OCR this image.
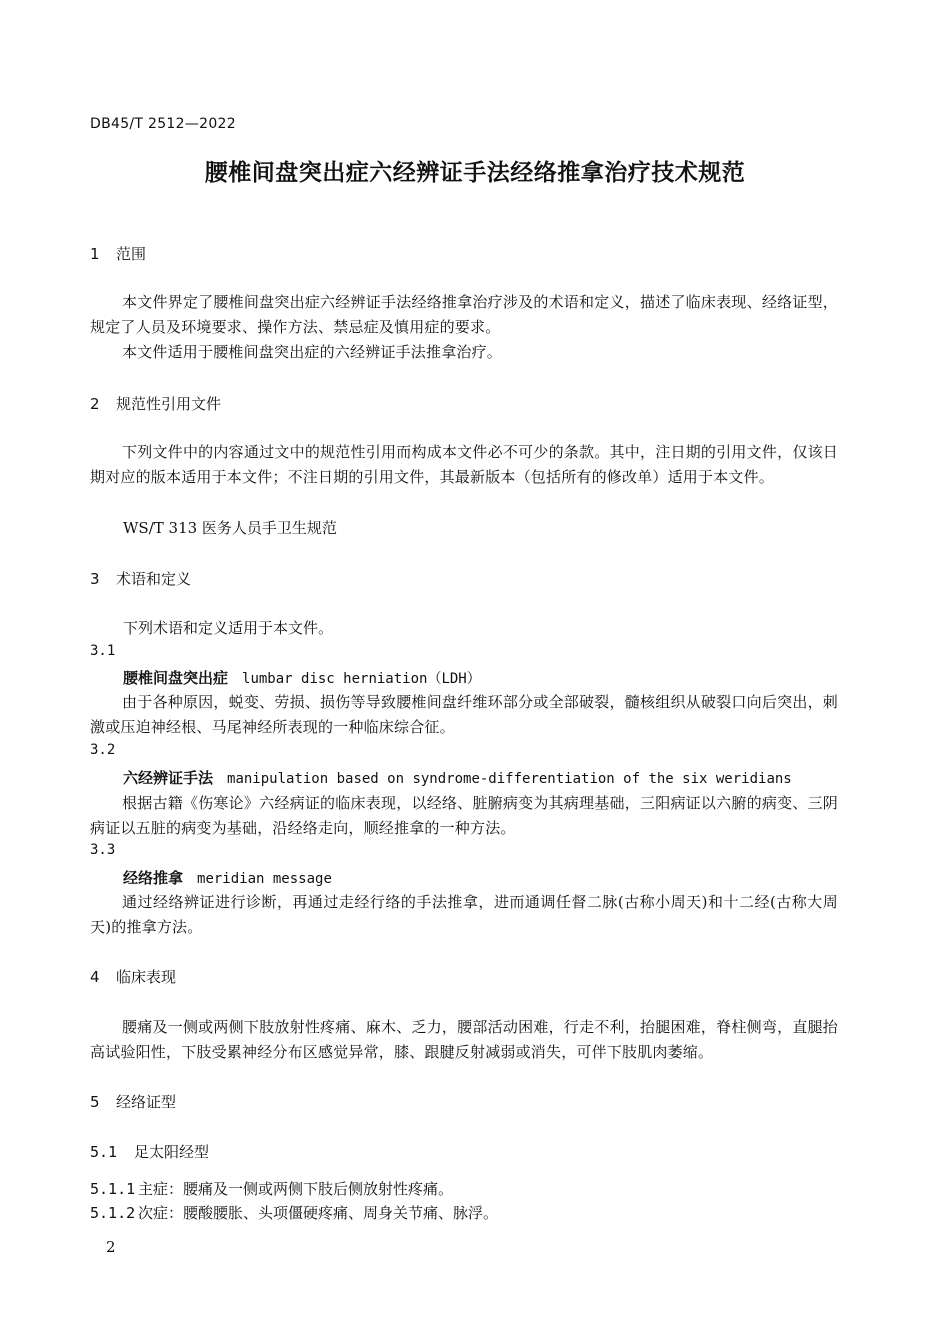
DB45/T 2512—2022
腰椎间盘突出症六经辨证手法经络推拿治疗技术规范
1 范围
本文件界定了腰椎间盘突出症六经辨证手法经络推拿治疗涉及的术语和定义，描述了临床表现、经络证型，规定了人员及环境要求、操作方法、禁忌症及慎用症的要求。
本文件适用于腰椎间盘突出症的六经辨证手法推拿治疗。
2 规范性引用文件
下列文件中的内容通过文中的规范性引用而构成本文件必不可少的条款。其中，注日期的引用文件，仅该日期对应的版本适用于本文件；不注日期的引用文件，其最新版本（包括所有的修改单）适用于本文件。
WS/T 313 医务人员手卫生规范
3 术语和定义
下列术语和定义适用于本文件。
3.1
腰椎间盘突出症 lumbar disc herniation（LDH）
由于各种原因，蜕变、劳损、损伤等导致腰椎间盘纤维环部分或全部破裂，髓核组织从破裂口向后突出，刺激或压迫神经根、马尾神经所表现的一种临床综合征。
3.2
六经辨证手法 manipulation based on syndrome-differentiation of the six weridians
根据古籍《伤寒论》六经病证的临床表现，以经络、脏腑病变为其病理基础，三阳病证以六腑的病变、三阴病证以五脏的病变为基础，沿经络走向，顺经推拿的一种方法。
3.3
经络推拿 meridian message
通过经络辨证进行诊断，再通过走经行络的手法推拿，进而通调任督二脉(古称小周天)和十二经(古称大周天)的推拿方法。
4 临床表现
腰痛及一侧或两侧下肢放射性疼痛、麻木、乏力，腰部活动困难，行走不利，抬腿困难，脊柱侧弯，直腿抬高试验阳性，下肢受累神经分布区感觉异常，膝、跟腱反射减弱或消失，可伴下肢肌肉萎缩。
5 经络证型
5.1 足太阳经型
5.1.1 主症：腰痛及一侧或两侧下肢后侧放射性疼痛。
5.1.2 次症：腰酸腰胀、头项僵硬疼痛、周身关节痛、脉浮。
2
